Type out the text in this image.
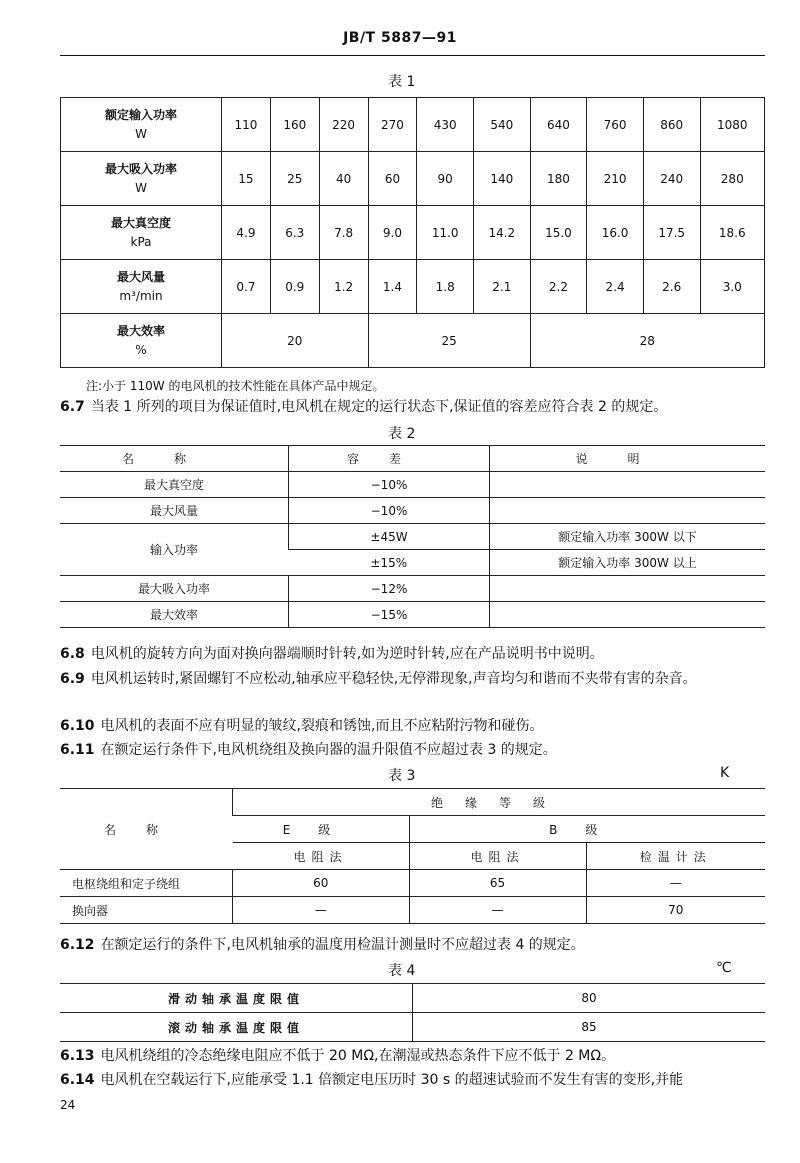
JB/T 5887—91
表 1
额定输入功率
W	110	160	220	270	430	540	640	760	860	1080

最大吸入功率
W	15	25	40	60	90	140	180	210	240	280

最大真空度
kPa	4.9	6.3	7.8	9.0	11.0	14.2	15.0	16.0	17.5	18.6

最大风量
m³/min	0.7	0.9	1.2	1.4	1.8	2.1	2.2	2.4	2.6	3.0

最大效率
%	20			25			28			
注:小于 110W 的电风机的技术性能在具体产品中规定。
6.7 当表 1 所列的项目为保证值时,电风机在规定的运行状态下,保证值的容差应符合表 2 的规定。
表 2
名称	容差	说明
最大真空度	−10%	
最大风量	−10%	
输入功率	±45W	额定输入功率 300W 以下
	±15%	额定输入功率 300W 以上
最大吸入功率	−12%	
最大效率	−15%	
6.8 电风机的旋转方向为面对换向器端顺时针转,如为逆时针转,应在产品说明书中说明。
6.9 电风机运转时,紧固螺钉不应松动,轴承应平稳轻快,无停滞现象,声音均匀和谐而不夹带有害的杂音。
6.10 电风机的表面不应有明显的皱纹,裂痕和锈蚀,而且不应粘附污物和碰伤。
6.11 在额定运行条件下,电风机绕组及换向器的温升限值不应超过表 3 的规定。
表 3	K
名称	绝缘等级		
	E级	B级	
	电阻法	电阻法	检温计法
电枢绕组和定子绕组	60	65	—
换向器	—	—	70
6.12 在额定运行的条件下,电风机轴承的温度用检温计测量时不应超过表 4 的规定。
表 4	℃
滑动轴承温度限值	80
滚动轴承温度限值	85
6.13 电风机绕组的冷态绝缘电阻应不低于 20 MΩ,在潮湿或热态条件下应不低于 2 MΩ。
6.14 电风机在空载运行下,应能承受 1.1 倍额定电压历时 30 s 的超速试验而不发生有害的变形,并能
24
